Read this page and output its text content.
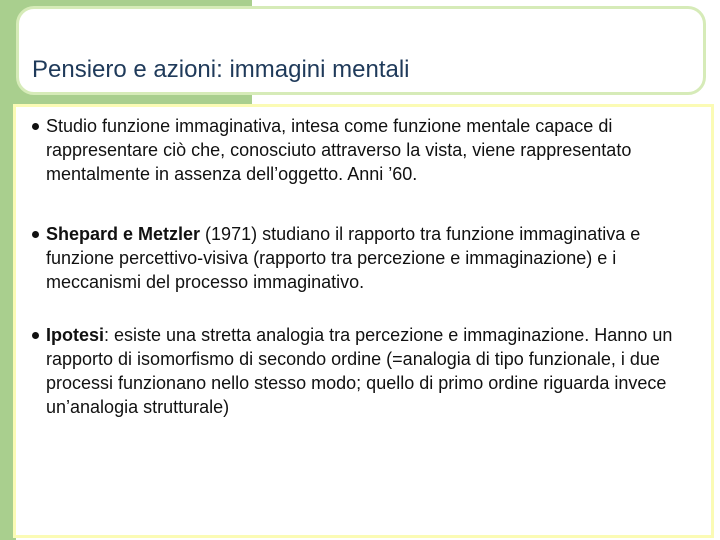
Pensiero e azioni: immagini mentali
Studio funzione immaginativa, intesa come funzione mentale capace di rappresentare ciò che, conosciuto attraverso la vista, viene rappresentato mentalmente in assenza dell’oggetto. Anni ’60.
Shepard e Metzler (1971) studiano il rapporto tra funzione immaginativa e funzione percettivo-visiva (rapporto tra percezione e immaginazione) e i meccanismi del processo immaginativo.
Ipotesi: esiste una stretta analogia tra percezione e immaginazione. Hanno un rapporto di isomorfismo di secondo ordine (=analogia di tipo funzionale, i due processi funzionano nello stesso modo; quello di primo ordine riguarda invece un’analogia strutturale)
